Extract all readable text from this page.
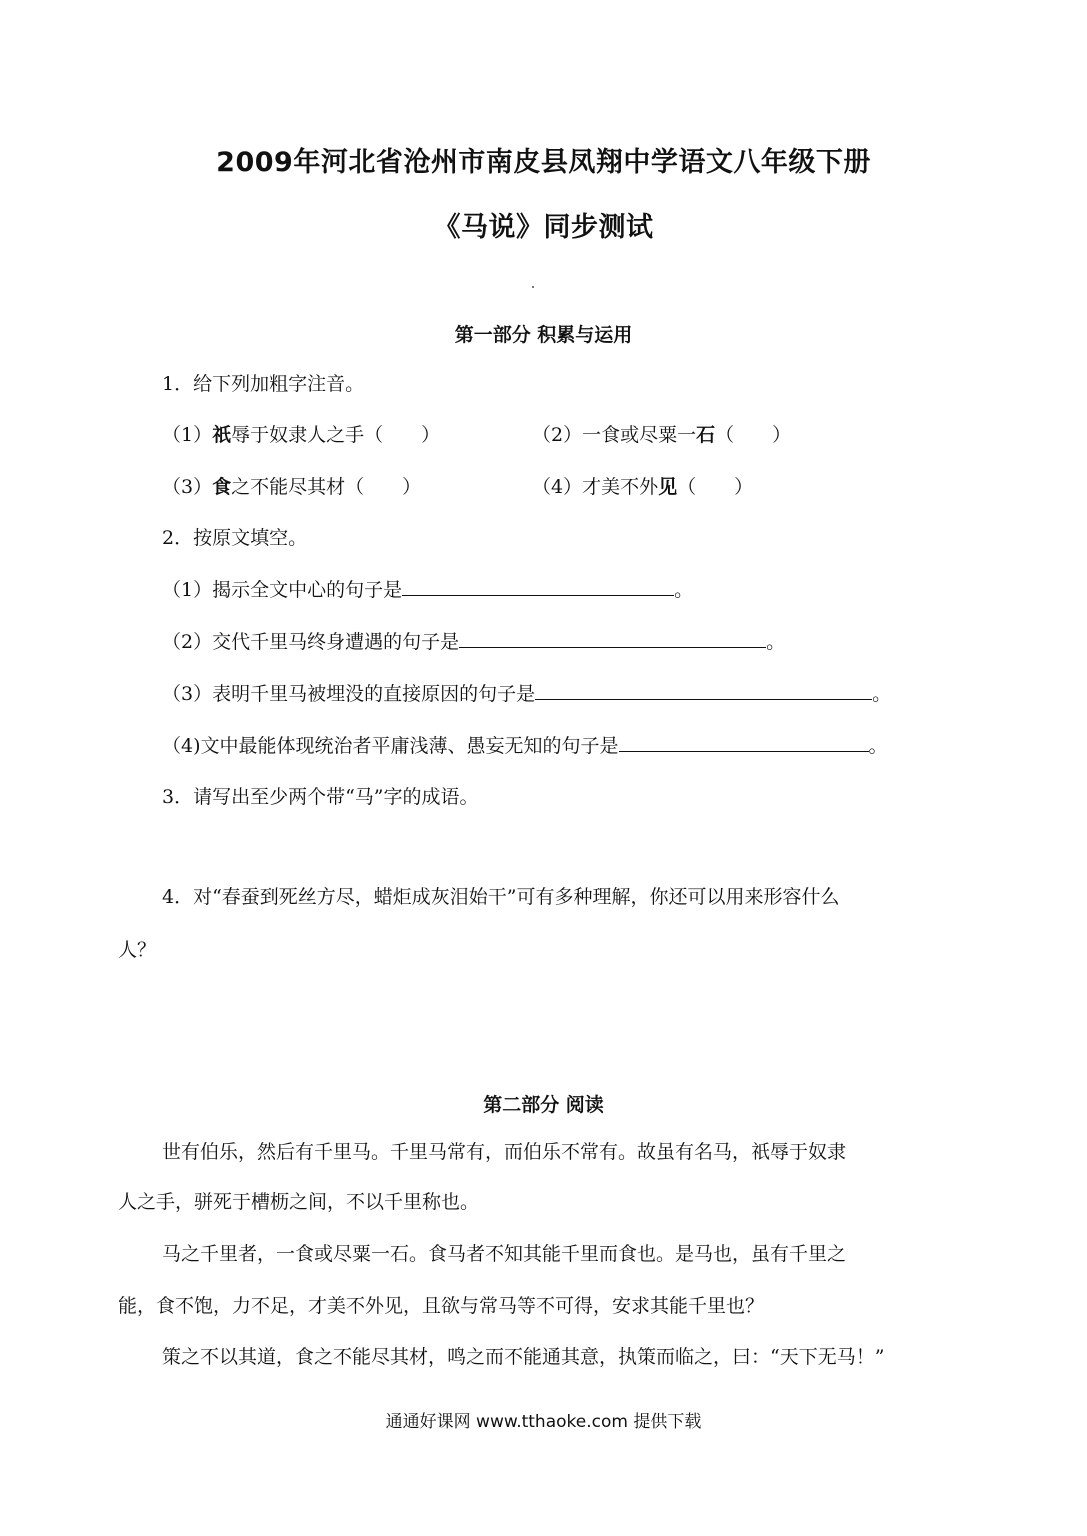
2009年河北省沧州市南皮县凤翔中学语文八年级下册
《马说》同步测试
第一部分 积累与运用
1．给下列加粗字注音。
（1）祇辱于奴隶人之手（　　）	（2）一食或尽粟一石（　　）
（3）食之不能尽其材（　　）	（4）才美不外见（　　）
2．按原文填空。
（1）揭示全文中心的句子是	。
（2）交代千里马终身遭遇的句子是	。
（3）表明千里马被埋没的直接原因的句子是	。
（4)文中最能体现统治者平庸浅薄、愚妄无知的句子是	。
3．请写出至少两个带“马”字的成语。
4．对“春蚕到死丝方尽，蜡炬成灰泪始干”可有多种理解，你还可以用来形容什么
人？
第二部分 阅读
世有伯乐，然后有千里马。千里马常有，而伯乐不常有。故虽有名马，祇辱于奴隶
人之手，骈死于槽枥之间，不以千里称也。
马之千里者，一食或尽粟一石。食马者不知其能千里而食也。是马也，虽有千里之
能，食不饱，力不足，才美不外见，且欲与常马等不可得，安求其能千里也？
策之不以其道，食之不能尽其材，鸣之而不能通其意，执策而临之，曰：“天下无马！”
通通好课网 www.tthaoke.com 提供下载
